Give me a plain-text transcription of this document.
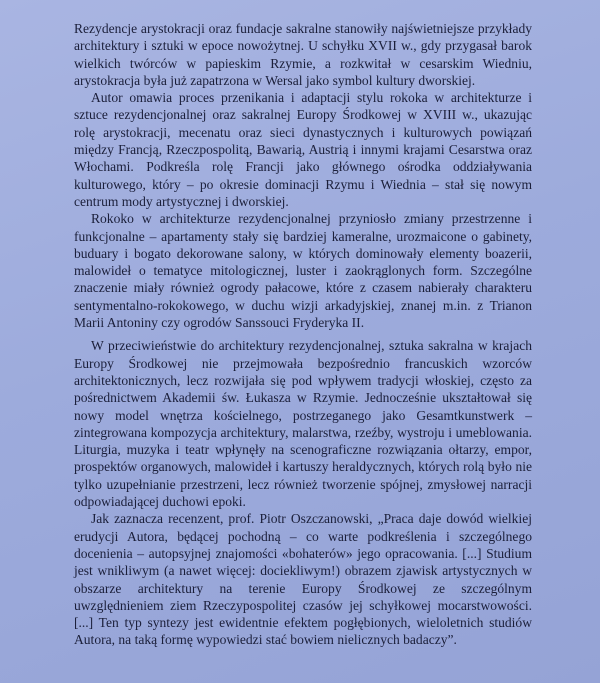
Rezydencje arystokracji oraz fundacje sakralne stanowiły najświetniejsze przykłady architektury i sztuki w epoce nowożytnej. U schyłku XVII w., gdy przygasał barok wielkich twórców w papieskim Rzymie, a rozkwitał w cesarskim Wiedniu, arystokracja była już zapatrzona w Wersal jako symbol kultury dworskiej.

Autor omawia proces przenikania i adaptacji stylu rokoka w architekturze i sztuce rezydencjonalnej oraz sakralnej Europy Środkowej w XVIII w., ukazując rolę arystokracji, mecenatu oraz sieci dynastycznych i kulturowych powiązań między Francją, Rzeczpospolitą, Bawarią, Austrią i innymi krajami Cesarstwa oraz Włochami. Podkreśla rolę Francji jako głównego ośrodka oddziaływania kulturowego, który – po okresie dominacji Rzymu i Wiednia – stał się nowym centrum mody artystycznej i dworskiej.

Rokoko w architekturze rezydencjonalnej przyniosło zmiany przestrzenne i funkcjonalne – apartamenty stały się bardziej kameralne, urozmaicone o gabinety, buduary i bogato dekorowane salony, w których dominowały elementy boazerii, malowideł o tematyce mitologicznej, luster i zaokrąglonych form. Szczególne znaczenie miały również ogrody pałacowe, które z czasem nabierały charakteru sentymentalno-rokokowego, w duchu wizji arkadyjskiej, znanej m.in. z Trianon Marii Antoniny czy ogrodów Sanssouci Fryderyka II.

W przeciwieństwie do architektury rezydencjonalnej, sztuka sakralna w krajach Europy Środkowej nie przejmowała bezpośrednio francuskich wzorców architektonicznych, lecz rozwijała się pod wpływem tradycji włoskiej, często za pośrednictwem Akademii św. Łukasza w Rzymie. Jednocześnie ukształtował się nowy model wnętrza kościelnego, postrzeganego jako Gesamtkunstwerk – zintegrowana kompozycja architektury, malarstwa, rzeźby, wystroju i umeblowania. Liturgia, muzyka i teatr wpłynęły na scenograficzne rozwiązania ołtarzy, empor, prospektów organowych, malowideł i kartuszy heraldycznych, których rolą było nie tylko uzupełnianie przestrzeni, lecz również tworzenie spójnej, zmysłowej narracji odpowiadającej duchowi epoki.

Jak zaznacza recenzent, prof. Piotr Oszczanowski, „Praca daje dowód wielkiej erudycji Autora, będącej pochodną – co warte podkreślenia i szczególnego docenienia – autopsyjnej znajomości «bohaterów» jego opracowania. [...] Studium jest wnikliwym (a nawet więcej: dociekliwym!) obrazem zjawisk artystycznych w obszarze architektury na terenie Europy Środkowej ze szczególnym uwzględnieniem ziem Rzeczypospolitej czasów jej schyłkowej mocarstwowości. [...] Ten typ syntezy jest ewidentnie efektem pogłębionych, wieloletnich studiów Autora, na taką formę wypowiedzi stać bowiem nielicznych badaczy”.
